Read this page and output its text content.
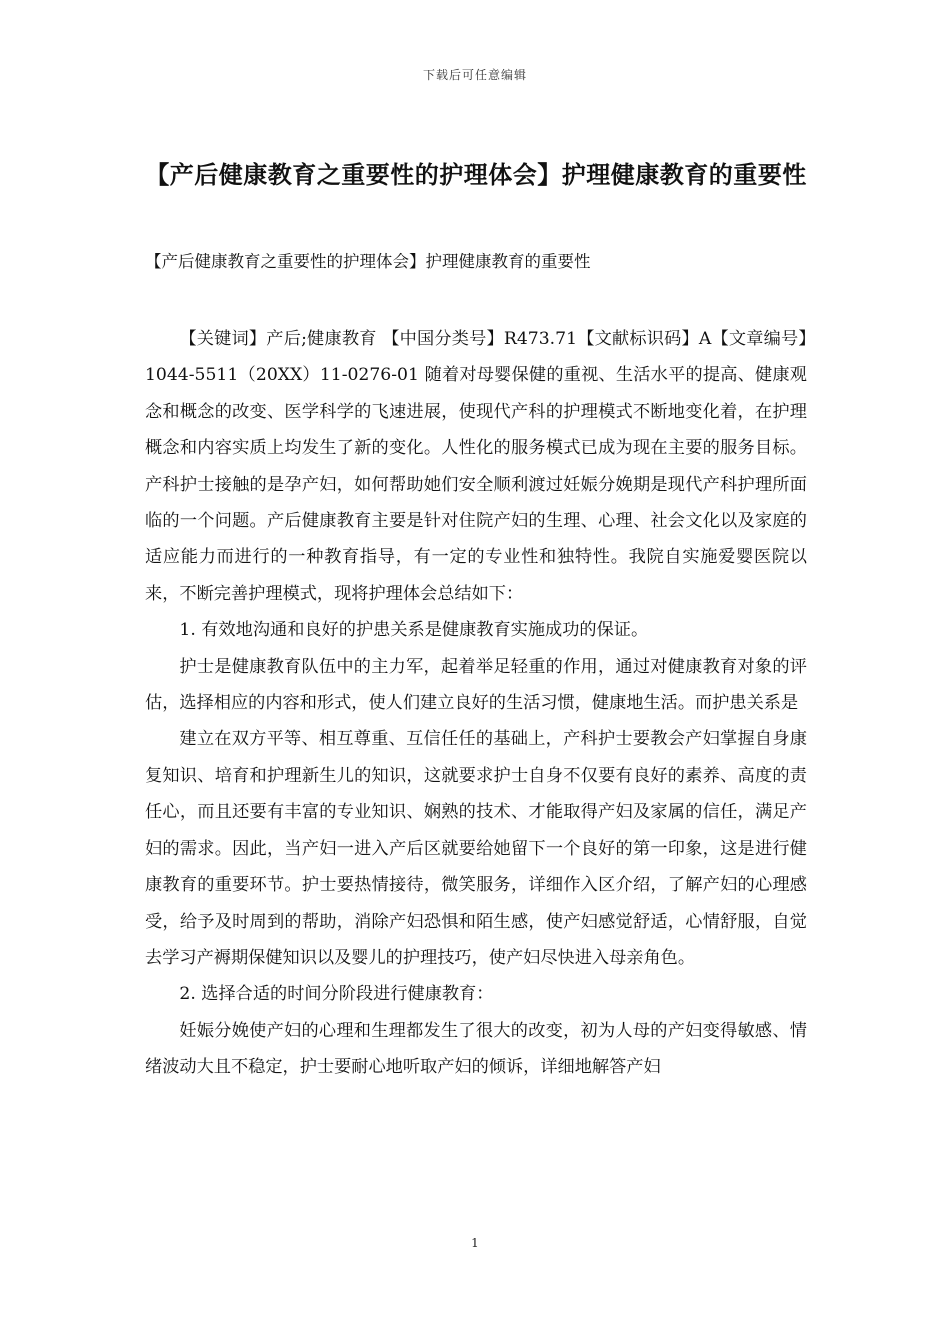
下载后可任意编辑
【产后健康教育之重要性的护理体会】护理健康教育的重要性
【产后健康教育之重要性的护理体会】护理健康教育的重要性

【关键词】产后;健康教育 【中国分类号】R473.71【文献标识码】A【文章编号】1044-5511（20XX）11-0276-01 随着对母婴保健的重视、生活水平的提高、健康观念和概念的改变、医学科学的飞速进展，使现代产科的护理模式不断地变化着，在护理概念和内容实质上均发生了新的变化。人性化的服务模式已成为现在主要的服务目标。产科护士接触的是孕产妇，如何帮助她们安全顺利渡过妊娠分娩期是现代产科护理所面临的一个问题。产后健康教育主要是针对住院产妇的生理、心理、社会文化以及家庭的适应能力而进行的一种教育指导，有一定的专业性和独特性。我院自实施爱婴医院以来，不断完善护理模式，现将护理体会总结如下：

1. 有效地沟通和良好的护患关系是健康教育实施成功的保证。

护士是健康教育队伍中的主力军，起着举足轻重的作用，通过对健康教育对象的评估，选择相应的内容和形式，使人们建立良好的生活习惯，健康地生活。而护患关系是

建立在双方平等、相互尊重、互信任任的基础上，产科护士要教会产妇掌握自身康复知识、培育和护理新生儿的知识，这就要求护士自身不仅要有良好的素养、高度的责任心，而且还要有丰富的专业知识、娴熟的技术、才能取得产妇及家属的信任，满足产妇的需求。因此，当产妇一进入产后区就要给她留下一个良好的第一印象，这是进行健康教育的重要环节。护士要热情接待，微笑服务，详细作入区介绍，了解产妇的心理感受，给予及时周到的帮助，消除产妇恐惧和陌生感，使产妇感觉舒适，心情舒服，自觉去学习产褥期保健知识以及婴儿的护理技巧，使产妇尽快进入母亲角色。

2. 选择合适的时间分阶段进行健康教育：

妊娠分娩使产妇的心理和生理都发生了很大的改变，初为人母的产妇变得敏感、情绪波动大且不稳定，护士要耐心地听取产妇的倾诉，详细地解答产妇

1
